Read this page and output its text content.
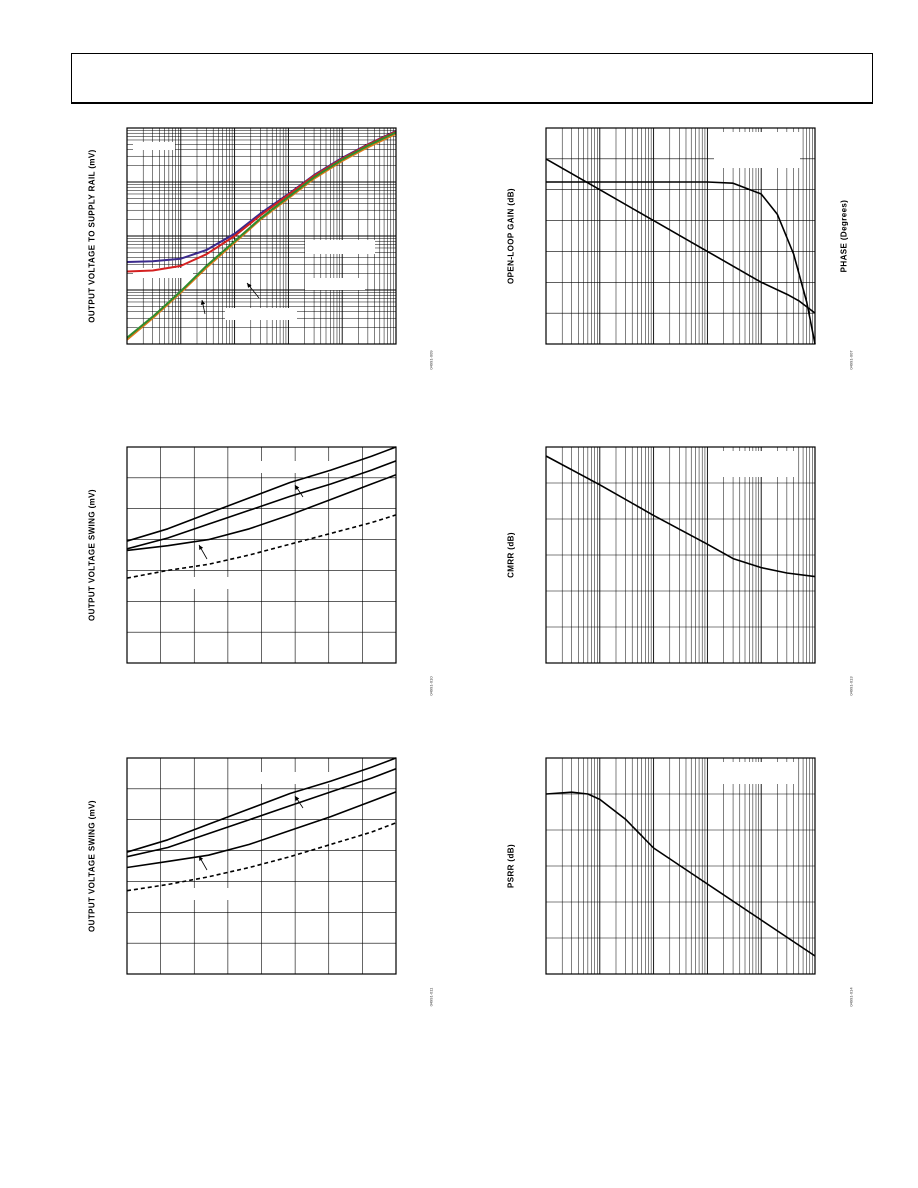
OUTPUT VOLTAGE TO SUPPLY RAIL (mV)
04991-009
OPEN-LOOP GAIN (dB)	PHASE (Degrees)
04991-007
OUTPUT VOLTAGE SWING (mV)
04991-010
CMRR (dB)
04991-013
OUTPUT VOLTAGE SWING (mV)
04991-011
PSRR (dB)
04991-014
